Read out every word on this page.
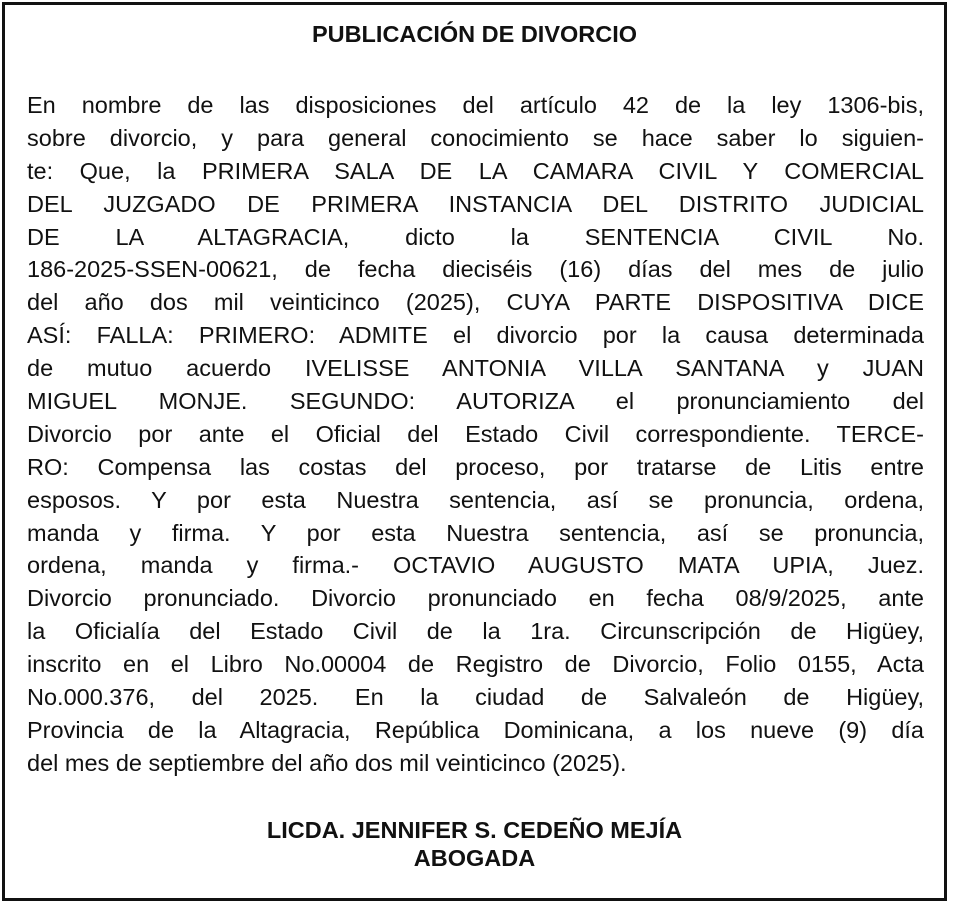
PUBLICACIÓN DE DIVORCIO
En nombre de las disposiciones del artículo 42 de la ley 1306-bis,
sobre divorcio, y para general conocimiento se hace saber lo siguien-
te: Que, la PRIMERA SALA DE LA CAMARA CIVIL Y COMERCIAL
DEL JUZGADO DE PRIMERA INSTANCIA DEL DISTRITO JUDICIAL
DE LA ALTAGRACIA, dicto la SENTENCIA CIVIL No.
186-2025-SSEN-00621, de fecha dieciséis (16) días del mes de julio
del año dos mil veinticinco (2025), CUYA PARTE DISPOSITIVA DICE
ASÍ: FALLA: PRIMERO: ADMITE el divorcio por la causa determinada
de mutuo acuerdo IVELISSE ANTONIA VILLA SANTANA y JUAN
MIGUEL MONJE. SEGUNDO: AUTORIZA el pronunciamiento del
Divorcio por ante el Oficial del Estado Civil correspondiente. TERCE-
RO: Compensa las costas del proceso, por tratarse de Litis entre
esposos. Y por esta Nuestra sentencia, así se pronuncia, ordena,
manda y firma. Y por esta Nuestra sentencia, así se pronuncia,
ordena, manda y firma.- OCTAVIO AUGUSTO MATA UPIA, Juez.
Divorcio pronunciado. Divorcio pronunciado en fecha 08/9/2025, ante
la Oficialía del Estado Civil de la 1ra. Circunscripción de Higüey,
inscrito en el Libro No.00004 de Registro de Divorcio, Folio 0155, Acta
No.000.376, del 2025. En la ciudad de Salvaleón de Higüey,
Provincia de la Altagracia, República Dominicana, a los nueve (9) día
del mes de septiembre del año dos mil veinticinco (2025).
LICDA. JENNIFER S. CEDEÑO MEJÍA
ABOGADA
